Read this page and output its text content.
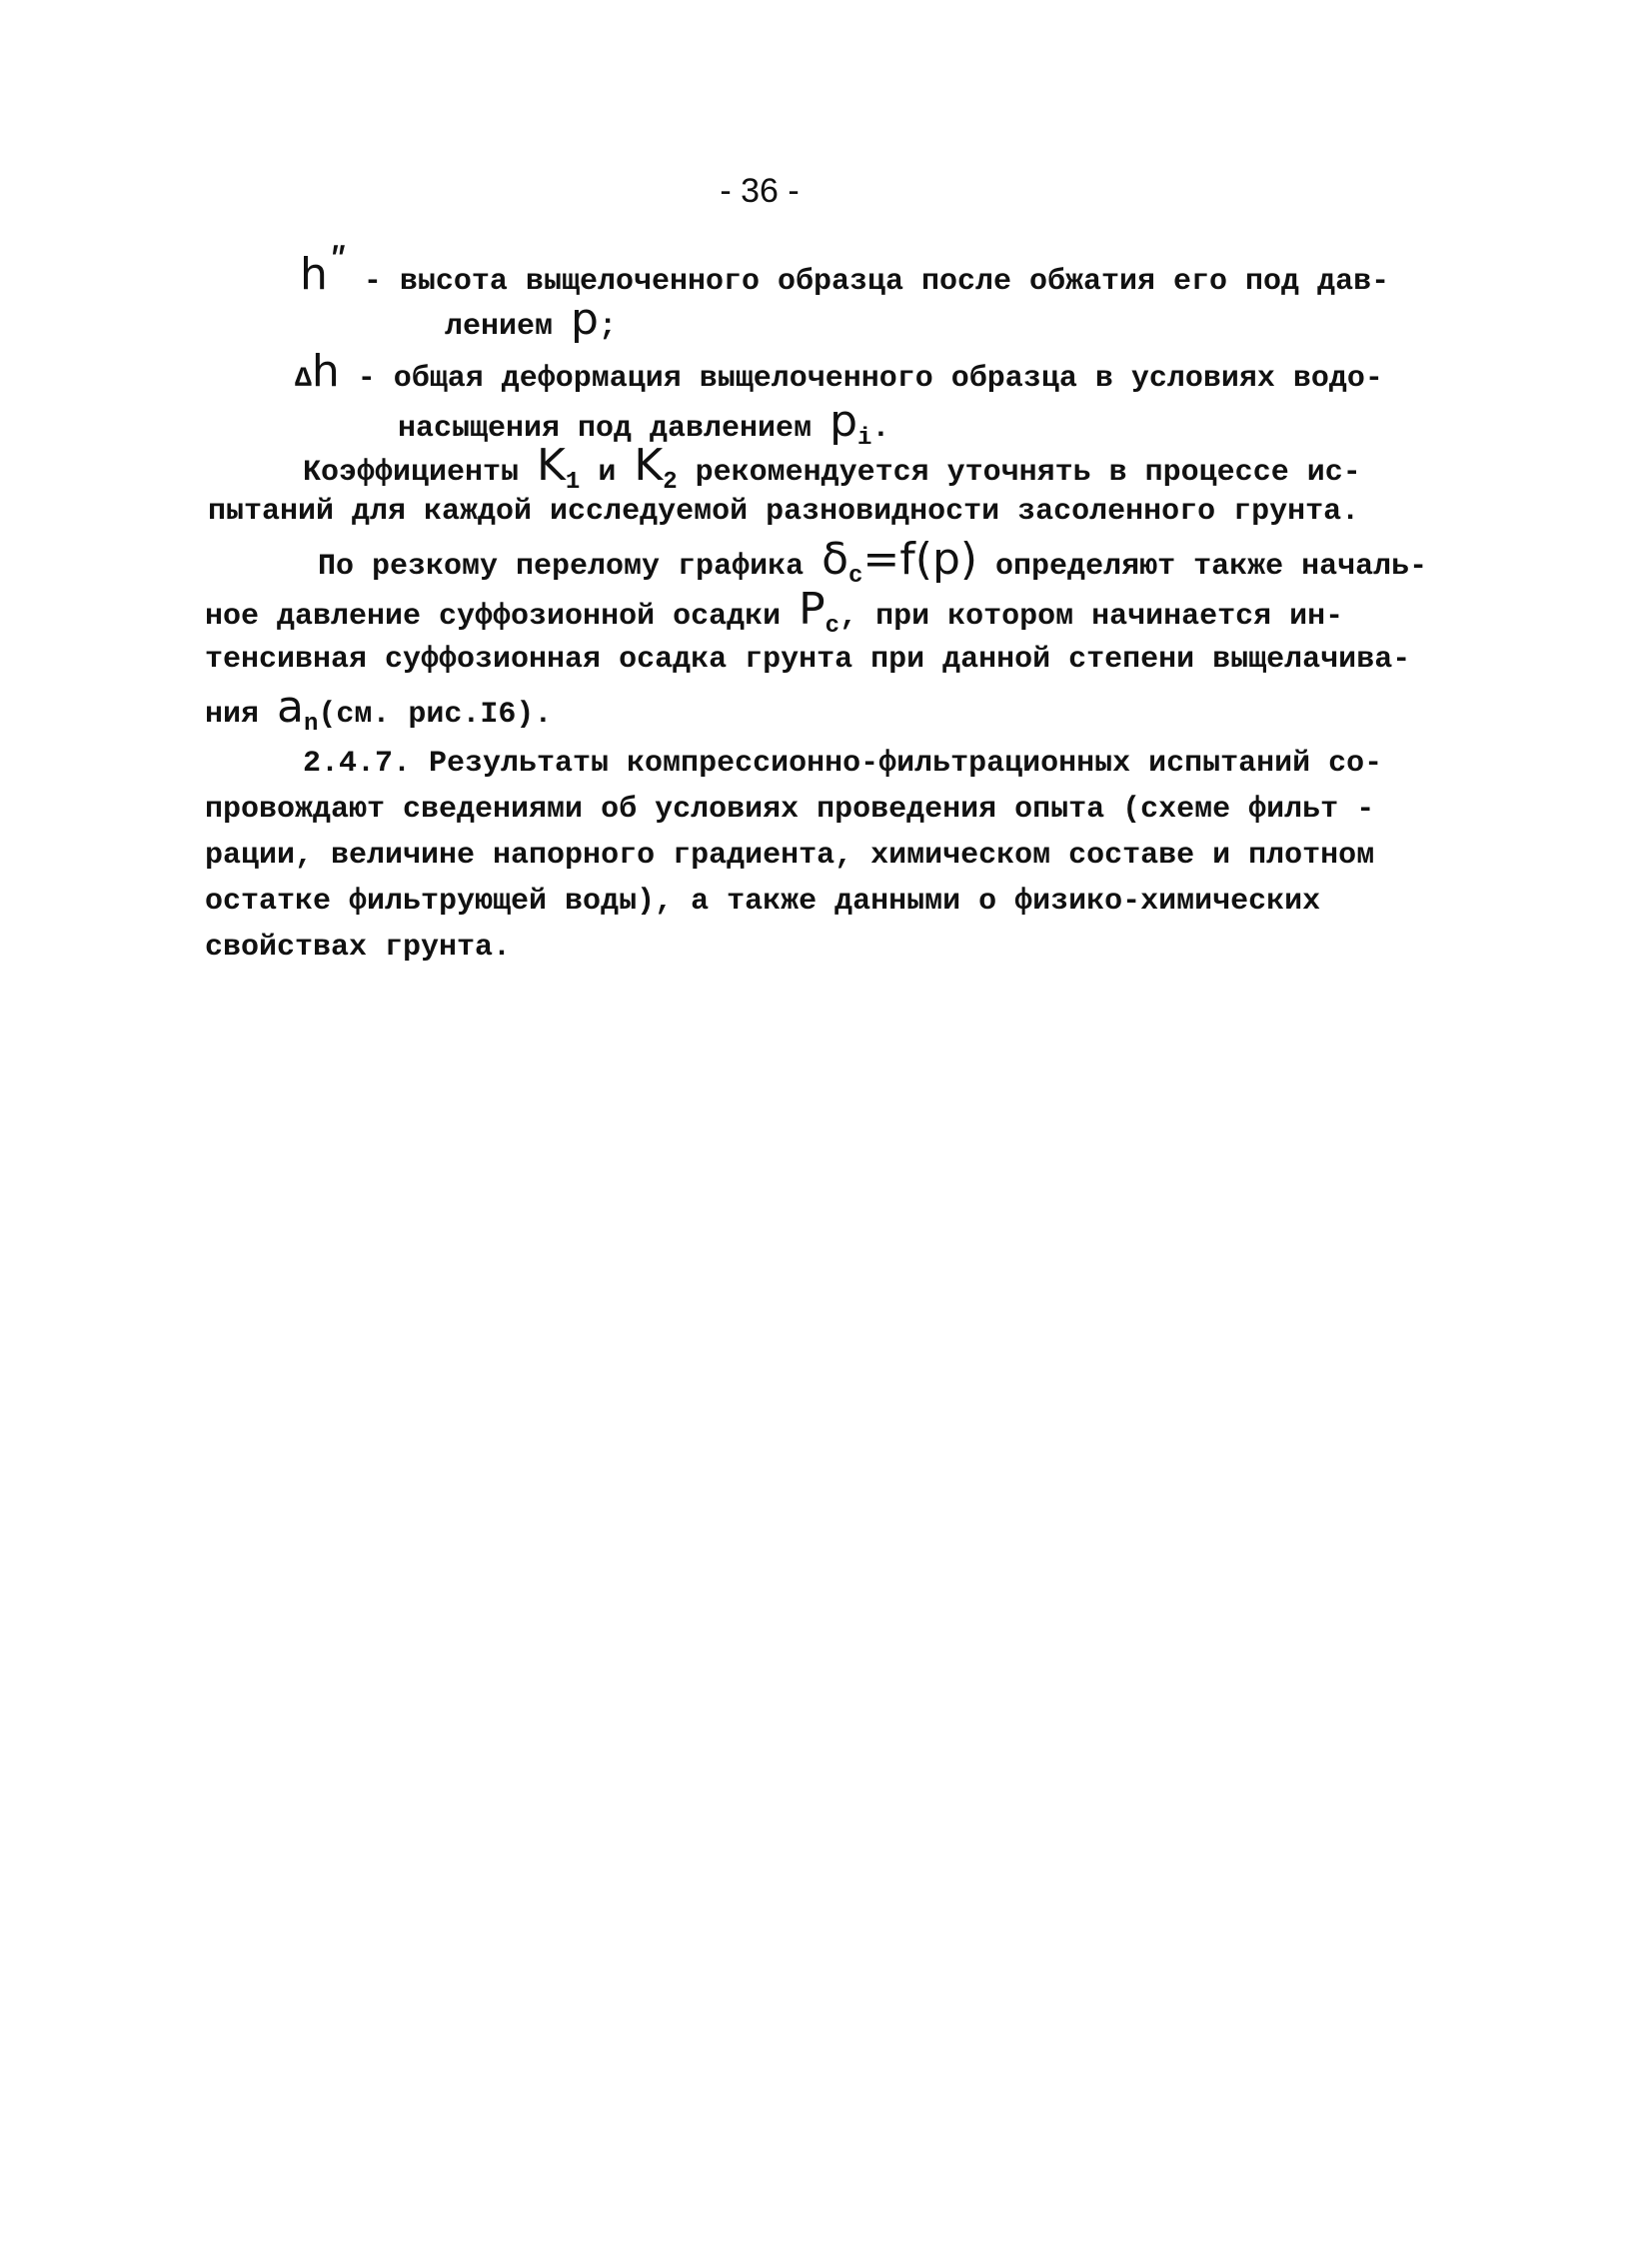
- 36 -
h" - высота выщелоченного образца после обжатия его под дав-
лением p;
Δh - общая деформация выщелоченного образца в условиях водо-
насыщения под давлением $p_i$.
Коэффициенты $K_1$ и $K_2$ рекомендуется уточнять в процессе ис-
пытаний для каждой исследуемой разновидности засоленного грунта.
По резкому перелому графика $\delta_c=f(p)$ определяют также началь-
ное давление суффозионной осадки $P_c$, при котором начинается ин-
тенсивная суффозионная осадка грунта при данной степени выщелачива-
ния $a_n(см$. рис.I6).
2.4.7. Результаты компрессионно-фильтрационных испытаний со-
провождают сведениями об условиях проведения опыта (схеме фильт -
рации, величине напорного градиента, химическом составе и плотном
остатке фильтрующей воды), а также данными о физико-химических
свойствах грунта.
